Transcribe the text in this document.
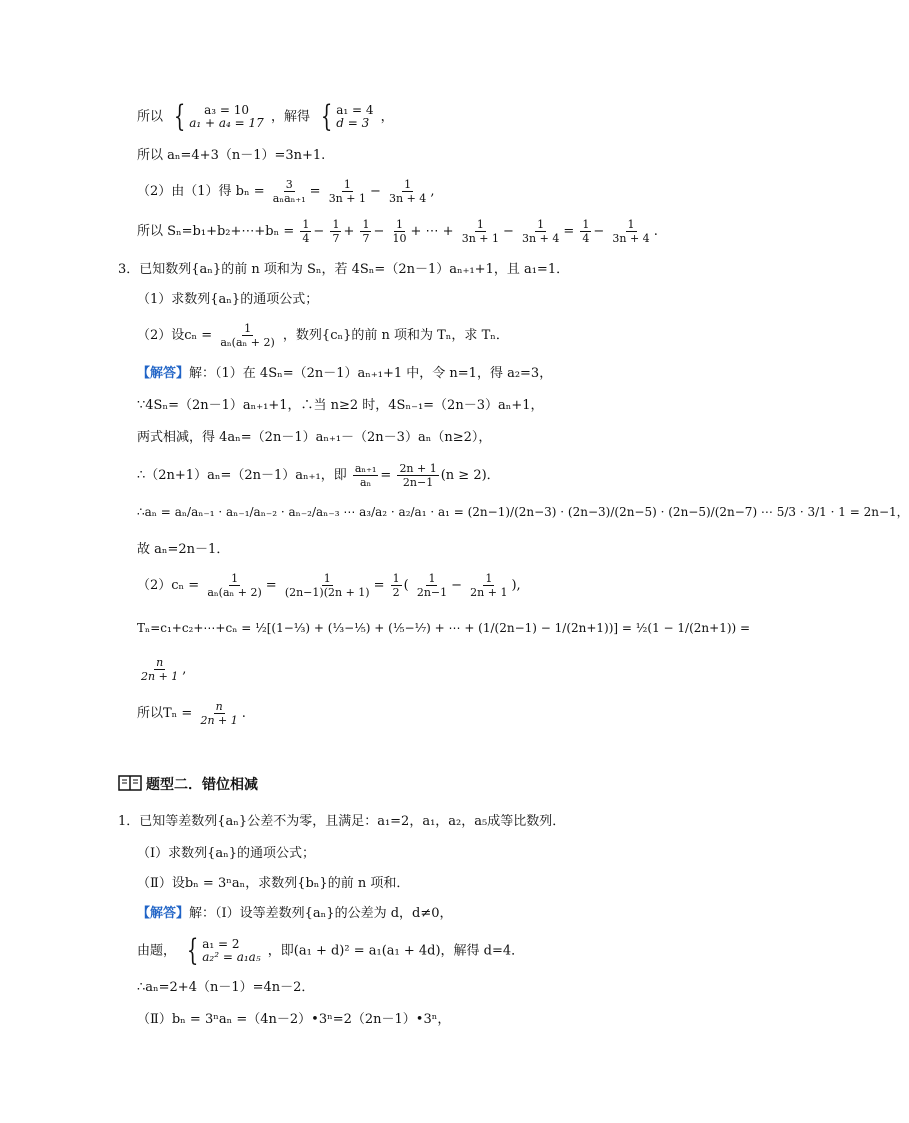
所以 {	a₃ = 10
a₁ + a₄ = 17 ，解得 { a₁ = 4
d = 3 ，
所以 aₙ=4+3（n－1）=3n+1.
（2）由（1）得 $b_n = \frac{3}{\text{aₙaₙ₊₁}} = \frac{1}{3n + 1} - \frac{1}{3n + 4}$ ,
所以 Sₙ=b₁+b₂+⋯+bₙ = $\frac{1}{4} - \frac{1}{7} + \frac{1}{7} - \frac{1}{10}$ + ⋯ + $\frac{1}{3n + 1} - \frac{1}{3n + 4} = \frac{1}{4} - \frac{1}{3n + 4}$ .
3．已知数列{aₙ}的前 n 项和为 Sₙ，若 4Sₙ=（2n－1）aₙ₊₁+1，且 a₁=1．
（1）求数列{aₙ}的通项公式；
（2）设$c_n = \frac{1}{\text{aₙ(aₙ + 2)}}$ ，数列{cₙ}的前 n 项和为 Tₙ，求 Tₙ．
【解答】解：（1）在 4Sₙ=（2n－1）aₙ₊₁+1 中，令 n=1，得 a₂=3，
∵4Sₙ=（2n－1）aₙ₊₁+1，∴当 n≥2 时，4Sₙ₋₁=（2n－3）aₙ+1，
两式相减，得 4aₙ=（2n－1）aₙ₊₁－（2n－3）aₙ（n≥2），
∴（2n+1）aₙ=（2n－1）aₙ₊₁，即 $\frac{\text{aₙ₊₁}}{\text{aₙ}} = \frac{2n + 1}{2n-1} (n \ge 2)$．
∴aₙ = aₙ/aₙ₋₁ · aₙ₋₁/aₙ₋₂ · aₙ₋₂/aₙ₋₃ ⋯ a₃/a₂ · a₂/a₁ · a₁ = (2n−1)/(2n−3) · (2n−3)/(2n−5) · (2n−5)/(2n−7) ⋯ 5/3 · 3/1 · 1 = 2n−1，
故 aₙ=2n－1．
$(2)c_n = \frac{1}{\text{aₙ(aₙ + 2)}} = \frac{1}{(2n-1)(2n + 1)} = \frac{1}{2}$ ( $\frac{1}{2n-1} - \frac{1}{2n + 1}$ ),
Tₙ=c₁+c₂+⋯+cₙ = ½[(1−⅓) + (⅓−⅕) + (⅕−⅐) + ⋯ + (1/(2n−1) − 1/(2n+1))] = ½(1 − 1/(2n+1)) =
$\frac{n}{2n + 1}$ ,
所以$T_n = \frac{n}{2n + 1}$ .
题型二．错位相减
1．已知等差数列{aₙ}公差不为零，且满足：a₁=2，a₁，a₂，a₅成等比数列．
（Ⅰ）求数列{aₙ}的通项公式；
（Ⅱ）设bₙ = 3ⁿaₙ，求数列{bₙ}的前 n 项和．
【解答】解：（Ⅰ）设等差数列{aₙ}的公差为 d，d≠0，
由题， { a₁ = 2
a₂² = a₁a₅ ，即(a₁ + d)² = a₁(a₁ + 4d)，解得 d=4．
∴aₙ=2+4（n－1）=4n－2．
（Ⅱ）bₙ = 3ⁿaₙ =（4n－2）•3ⁿ=2（2n－1）•3ⁿ，
